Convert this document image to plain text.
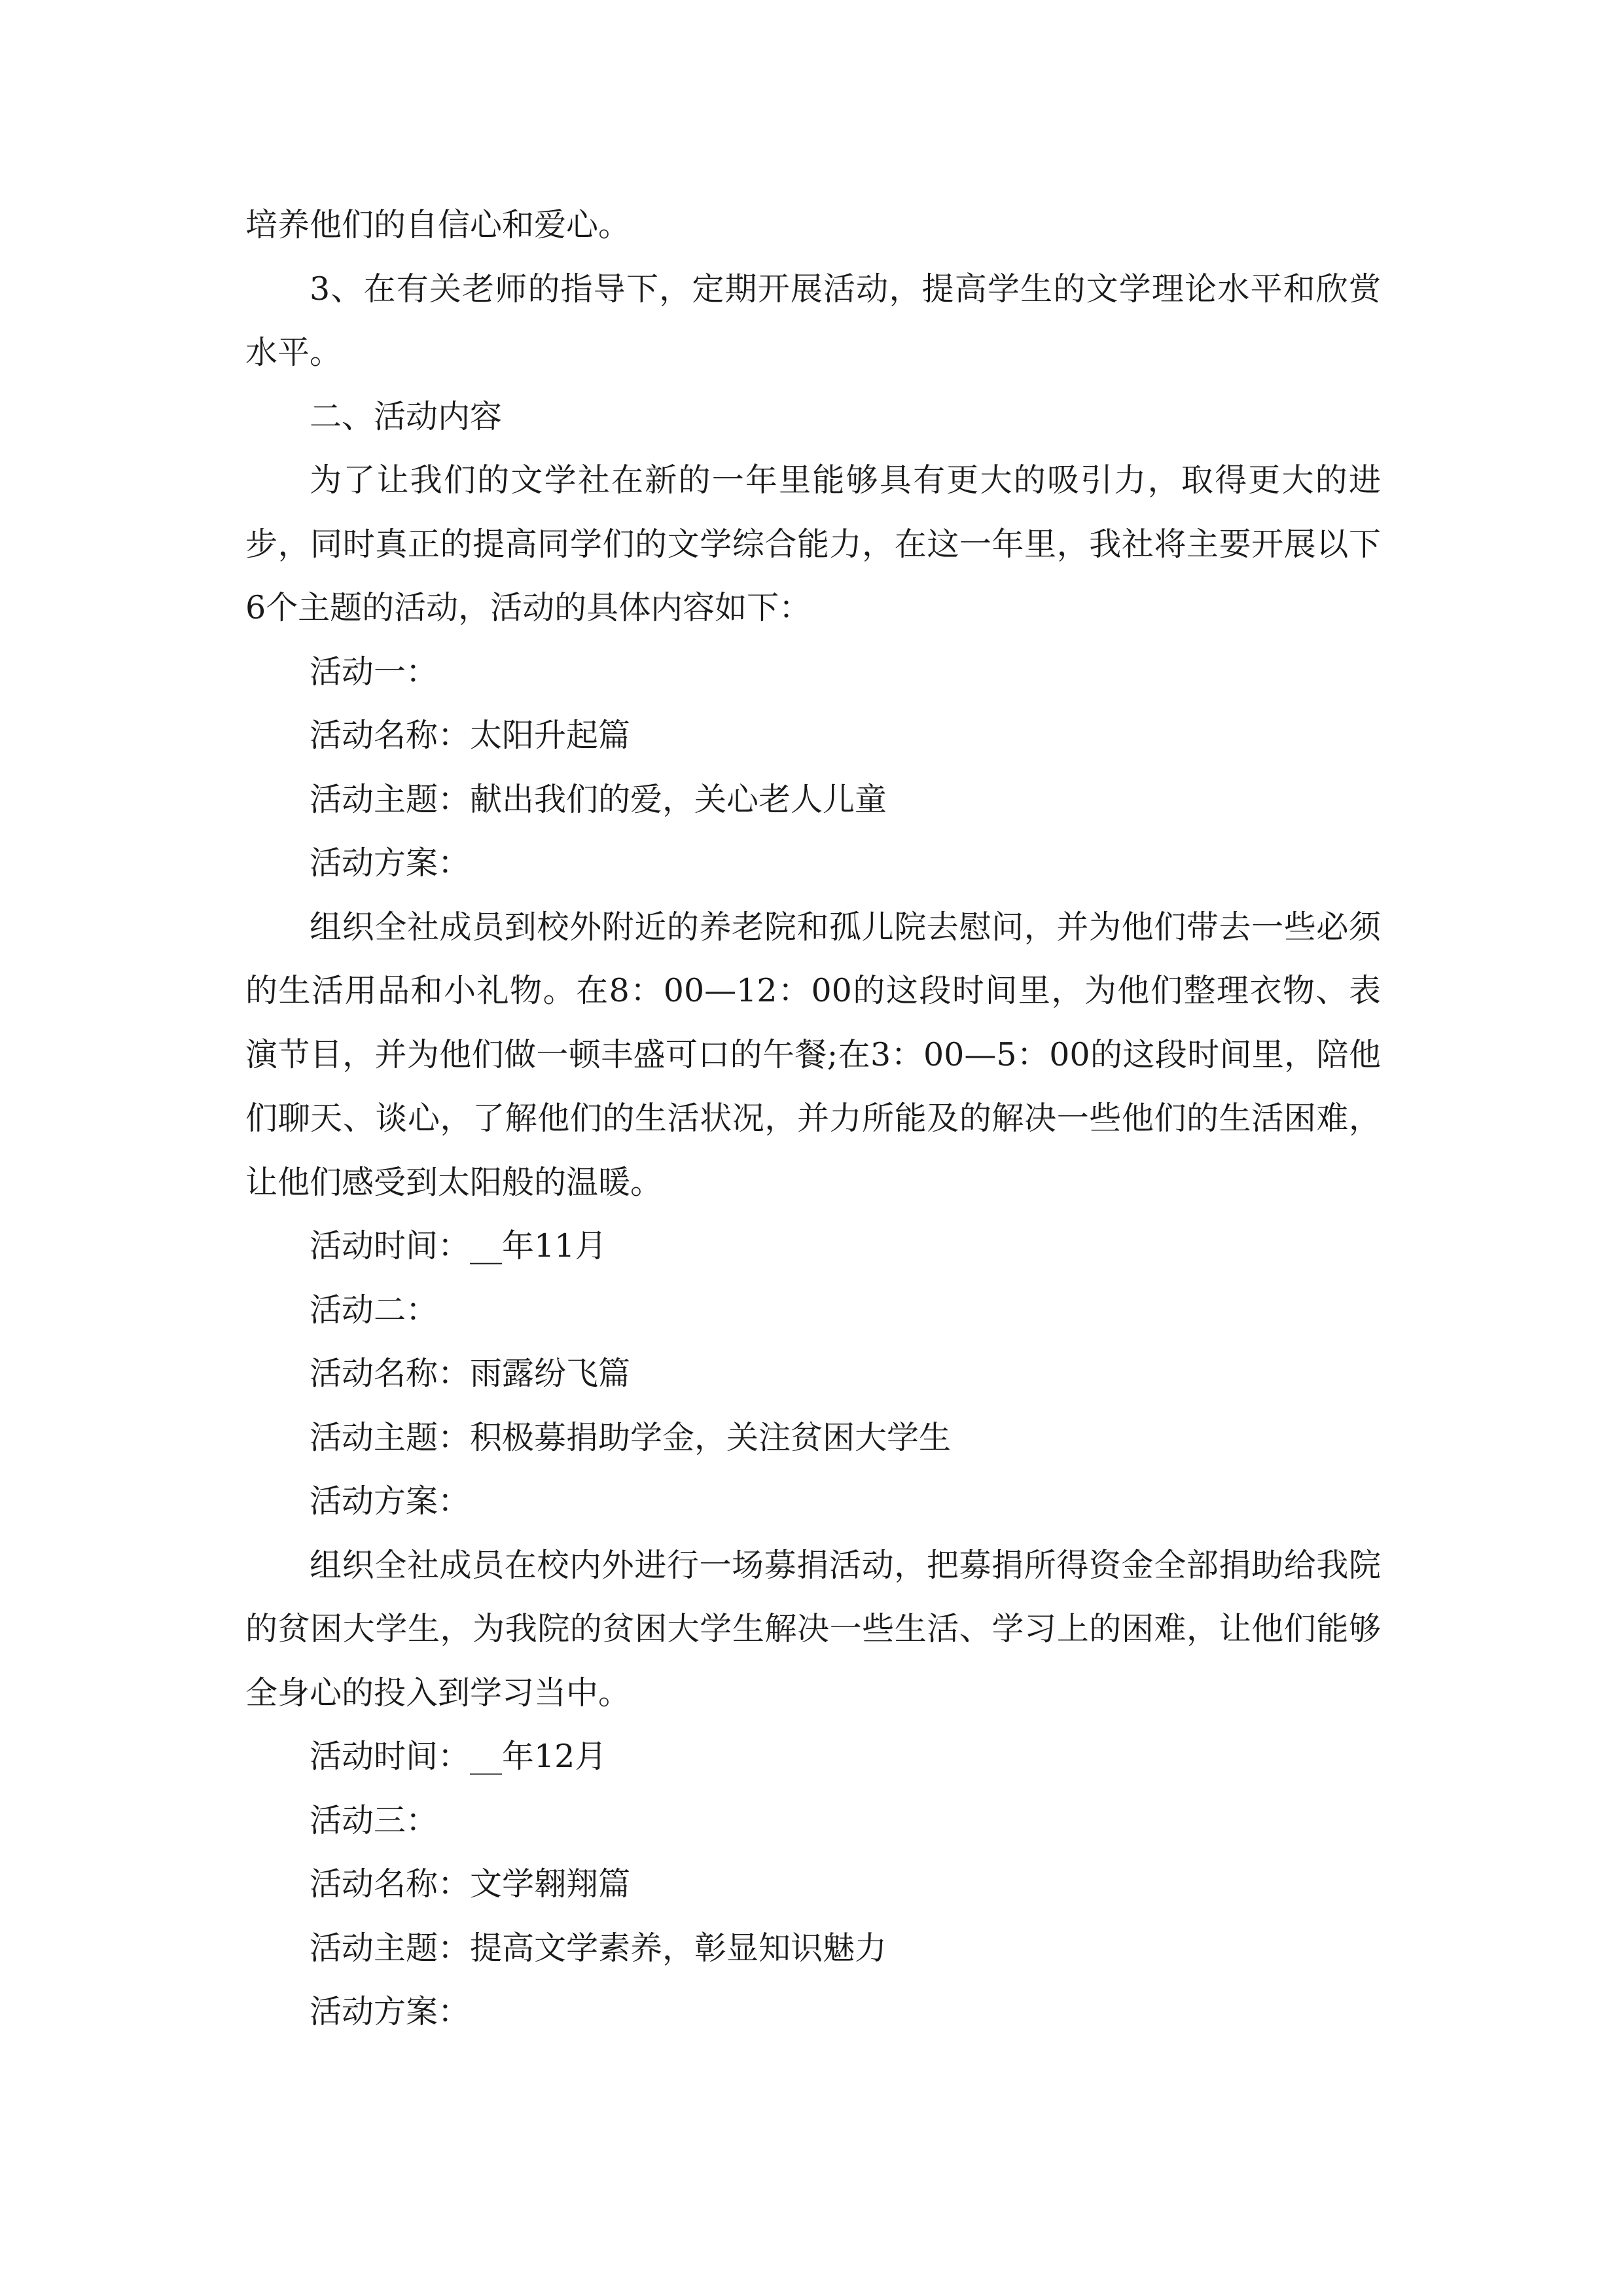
培养他们的自信心和爱心。

3、在有关老师的指导下，定期开展活动，提高学生的文学理论水平和欣赏水平。

二、活动内容

为了让我们的文学社在新的一年里能够具有更大的吸引力，取得更大的进步，同时真正的提高同学们的文学综合能力，在这一年里，我社将主要开展以下6个主题的活动，活动的具体内容如下：

活动一：

活动名称：太阳升起篇

活动主题：献出我们的爱，关心老人儿童

活动方案：

组织全社成员到校外附近的养老院和孤儿院去慰问，并为他们带去一些必须的生活用品和小礼物。在8：00—12：00的这段时间里，为他们整理衣物、表演节目，并为他们做一顿丰盛可口的午餐;在3：00—5：00的这段时间里，陪他们聊天、谈心，了解他们的生活状况，并力所能及的解决一些他们的生活困难，让他们感受到太阳般的温暖。

活动时间：__年11月

活动二：

活动名称：雨露纷飞篇

活动主题：积极募捐助学金，关注贫困大学生

活动方案：

组织全社成员在校内外进行一场募捐活动，把募捐所得资金全部捐助给我院的贫困大学生，为我院的贫困大学生解决一些生活、学习上的困难，让他们能够全身心的投入到学习当中。

活动时间：__年12月

活动三：

活动名称：文学翱翔篇

活动主题：提高文学素养，彰显知识魅力

活动方案：
